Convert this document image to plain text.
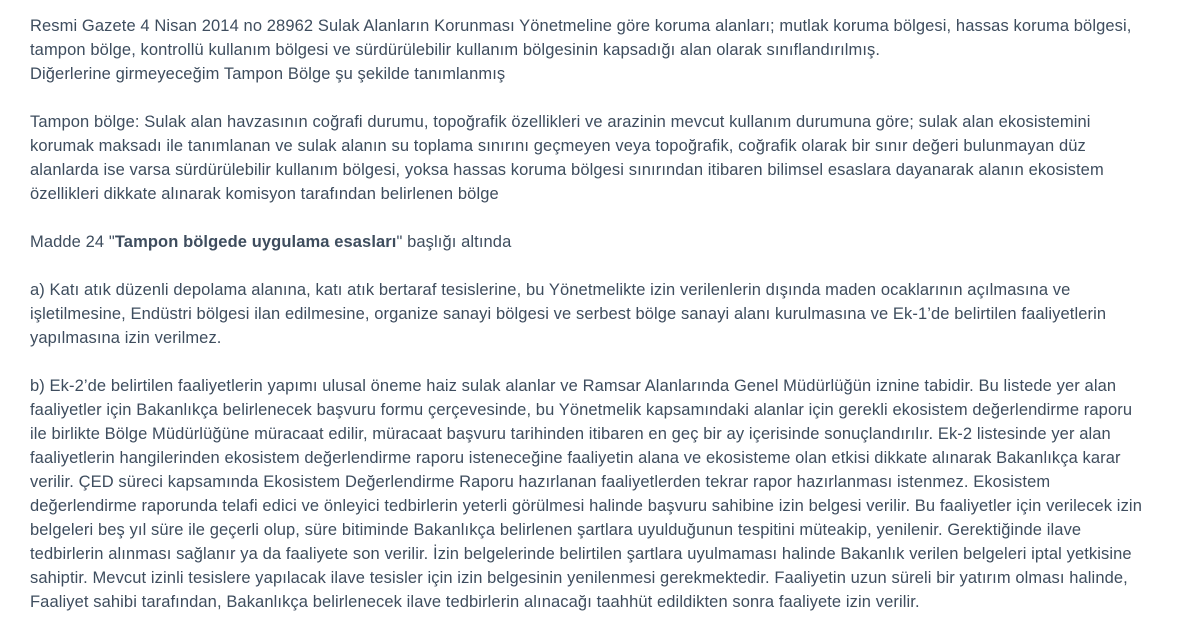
Resmi Gazete 4 Nisan 2014 no 28962 Sulak Alanların Korunması Yönetmeline göre koruma alanları; mutlak koruma bölgesi, hassas koruma bölgesi, tampon bölge, kontrollü kullanım bölgesi ve sürdürülebilir kullanım bölgesinin kapsadığı alan olarak sınıflandırılmış.
Diğerlerine girmeyeceğim Tampon Bölge şu şekilde tanımlanmış

Tampon bölge: Sulak alan havzasının coğrafi durumu, topoğrafik özellikleri ve arazinin mevcut kullanım durumuna göre; sulak alan ekosistemini korumak maksadı ile tanımlanan ve sulak alanın su toplama sınırını geçmeyen veya topoğrafik, coğrafik olarak bir sınır değeri bulunmayan düz alanlarda ise varsa sürdürülebilir kullanım bölgesi, yoksa hassas koruma bölgesi sınırından itibaren bilimsel esaslara dayanarak alanın ekosistem özellikleri dikkate alınarak komisyon tarafından belirlenen bölge

Madde 24 "Tampon bölgede uygulama esasları" başlığı altında

a) Katı atık düzenli depolama alanına, katı atık bertaraf tesislerine, bu Yönetmelikte izin verilenlerin dışında maden ocaklarının açılmasına ve işletilmesine, Endüstri bölgesi ilan edilmesine, organize sanayi bölgesi ve serbest bölge sanayi alanı kurulmasına ve Ek-1’de belirtilen faaliyetlerin yapılmasına izin verilmez.

b) Ek-2’de belirtilen faaliyetlerin yapımı ulusal öneme haiz sulak alanlar ve Ramsar Alanlarında Genel Müdürlüğün iznine tabidir. Bu listede yer alan faaliyetler için Bakanlıkça belirlenecek başvuru formu çerçevesinde, bu Yönetmelik kapsamındaki alanlar için gerekli ekosistem değerlendirme raporu ile birlikte Bölge Müdürlüğüne müracaat edilir, müracaat başvuru tarihinden itibaren en geç bir ay içerisinde sonuçlandırılır. Ek-2 listesinde yer alan faaliyetlerin hangilerinden ekosistem değerlendirme raporu isteneceğine faaliyetin alana ve ekosisteme olan etkisi dikkate alınarak Bakanlıkça karar verilir. ÇED süreci kapsamında Ekosistem Değerlendirme Raporu hazırlanan faaliyetlerden tekrar rapor hazırlanması istenmez. Ekosistem değerlendirme raporunda telafi edici ve önleyici tedbirlerin yeterli görülmesi halinde başvuru sahibine izin belgesi verilir. Bu faaliyetler için verilecek izin belgeleri beş yıl süre ile geçerli olup, süre bitiminde Bakanlıkça belirlenen şartlara uyulduğunun tespitini müteakip, yenilenir. Gerektiğinde ilave tedbirlerin alınması sağlanır ya da faaliyete son verilir. İzin belgelerinde belirtilen şartlara uyulmaması halinde Bakanlık verilen belgeleri iptal yetkisine sahiptir. Mevcut izinli tesislere yapılacak ilave tesisler için izin belgesinin yenilenmesi gerekmektedir. Faaliyetin uzun süreli bir yatırım olması halinde, Faaliyet sahibi tarafından, Bakanlıkça belirlenecek ilave tedbirlerin alınacağı taahhüt edildikten sonra faaliyete izin verilir.
